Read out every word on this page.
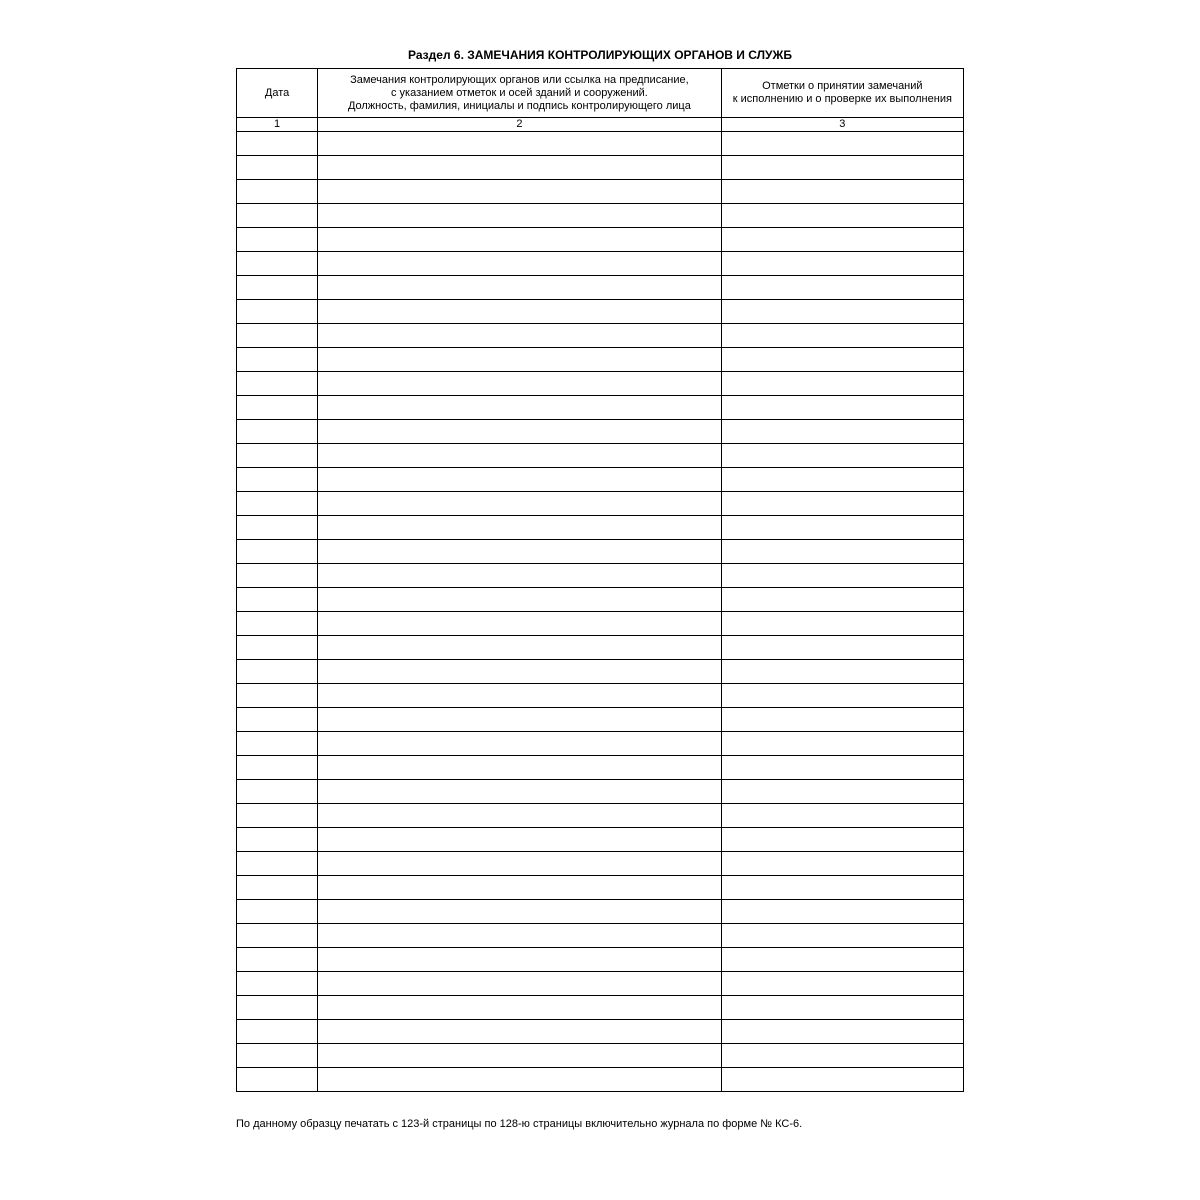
Раздел 6. ЗАМЕЧАНИЯ КОНТРОЛИРУЮЩИХ ОРГАНОВ И СЛУЖБ
Дата	Замечания контролирующих органов или ссылка на предписание,
с указанием отметок и осей зданий и сооружений.
Должность, фамилия, инициалы и подпись контролирующего лица	Отметки о принятии замечаний
к исполнению и о проверке их выполнения

1	2	3

По данному образцу печатать с 123-й страницы по 128-ю страницы включительно журнала по форме № КС-6.
